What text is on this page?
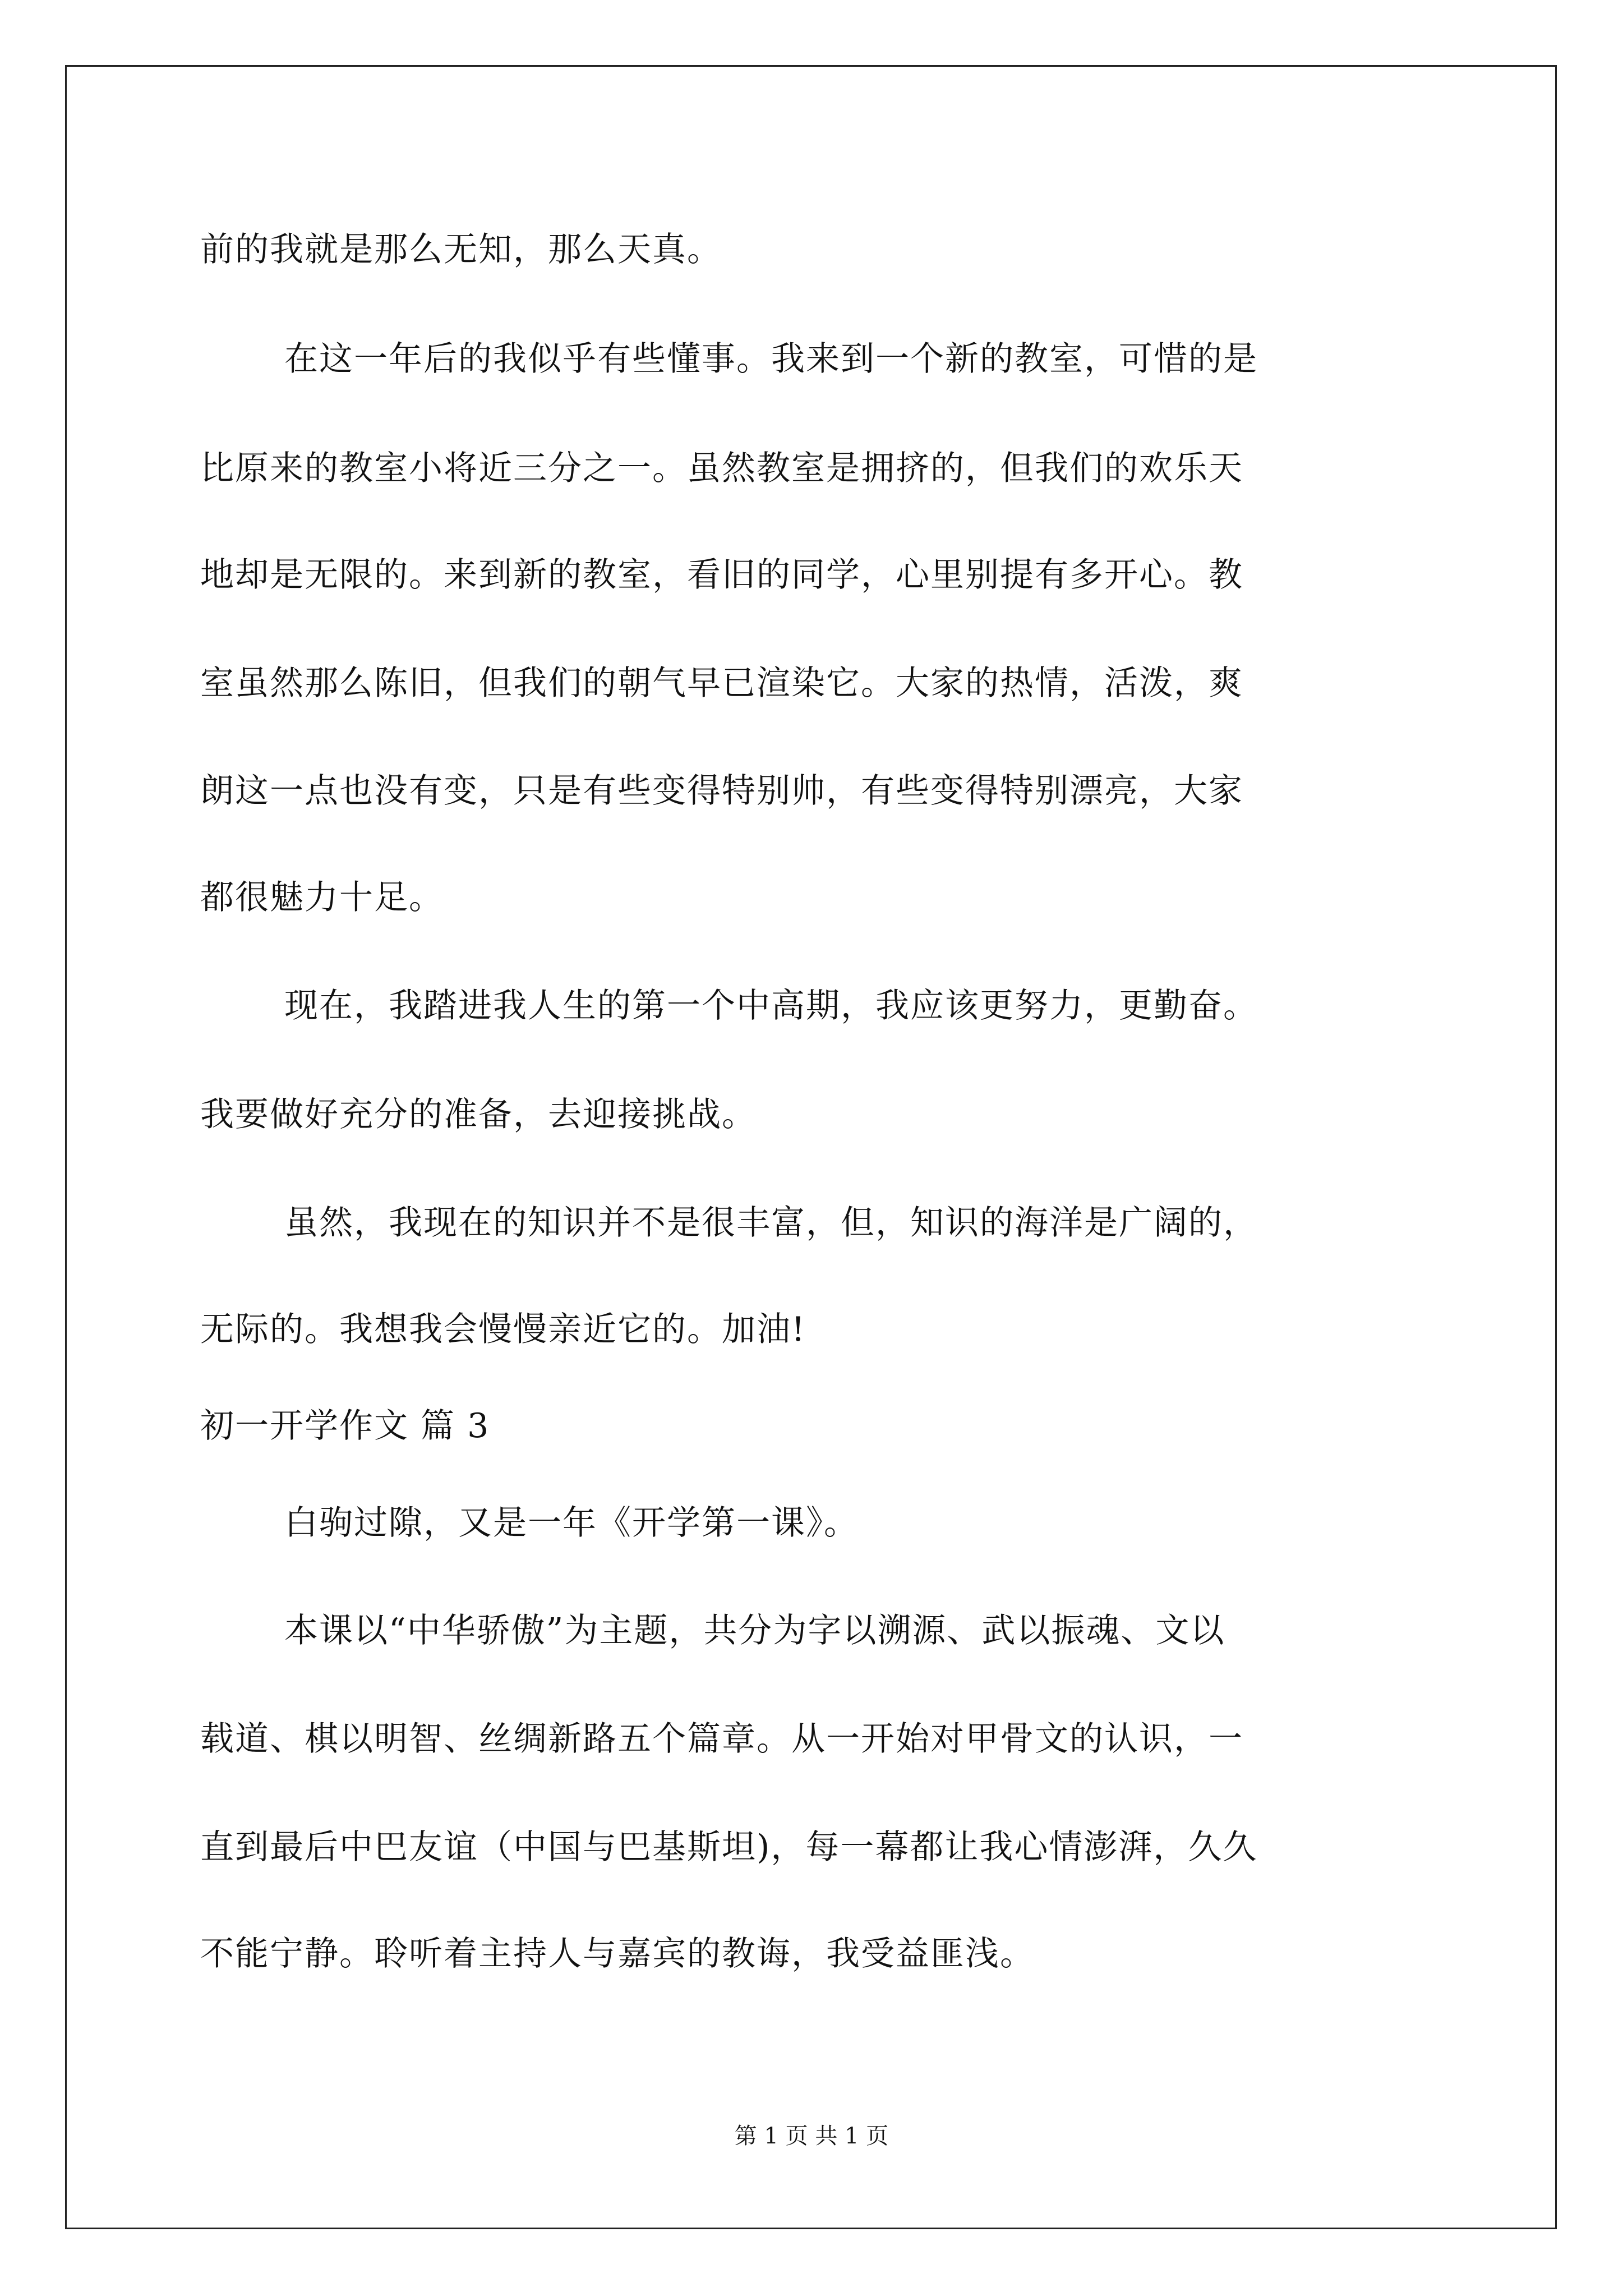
前的我就是那么无知，那么天真。
在这一年后的我似乎有些懂事。我来到一个新的教室，可惜的是
比原来的教室小将近三分之一。虽然教室是拥挤的，但我们的欢乐天
地却是无限的。来到新的教室，看旧的同学，心里别提有多开心。教
室虽然那么陈旧，但我们的朝气早已渲染它。大家的热情，活泼，爽
朗这一点也没有变，只是有些变得特别帅，有些变得特别漂亮，大家
都很魅力十足。
现在，我踏进我人生的第一个中高期，我应该更努力，更勤奋。
我要做好充分的准备，去迎接挑战。
虽然，我现在的知识并不是很丰富，但，知识的海洋是广阔的，
无际的。我想我会慢慢亲近它的。加油!
初一开学作文 篇 3
白驹过隙，又是一年《开学第一课》。
本课以“中华骄傲”为主题，共分为字以溯源、武以振魂、文以
载道、棋以明智、丝绸新路五个篇章。从一开始对甲骨文的认识，一
直到最后中巴友谊（中国与巴基斯坦)，每一幕都让我心情澎湃，久久
不能宁静。聆听着主持人与嘉宾的教诲，我受益匪浅。
第 1 页 共 1 页
